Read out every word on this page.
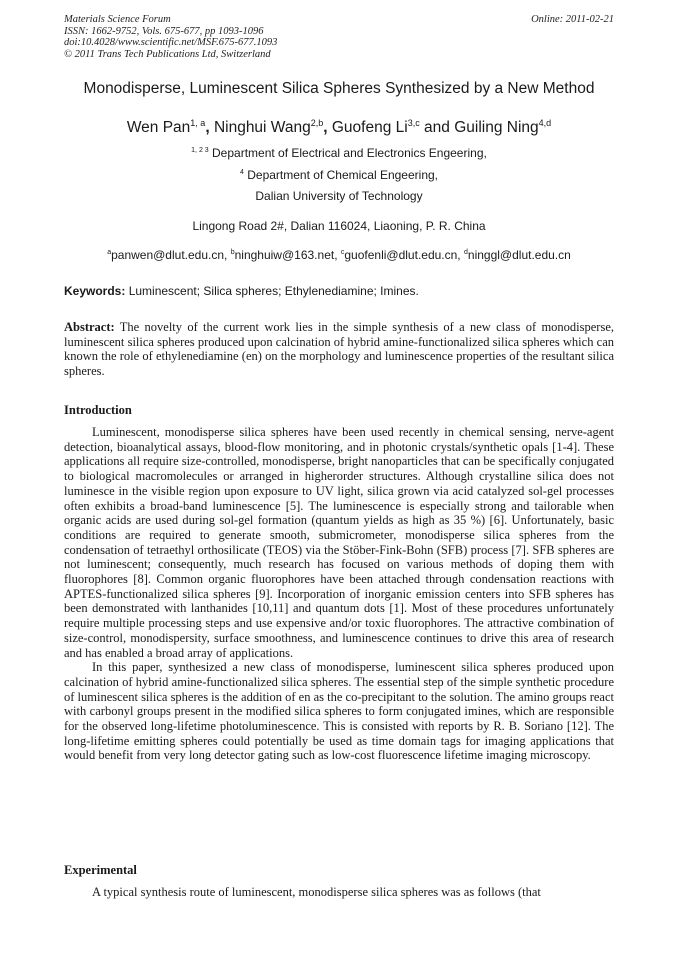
Materials Science Forum
ISSN: 1662-9752, Vols. 675-677, pp 1093-1096
doi:10.4028/www.scientific.net/MSF.675-677.1093
© 2011 Trans Tech Publications Ltd, Switzerland
Online: 2011-02-21
Monodisperse, Luminescent Silica Spheres Synthesized by a New Method
Wen Pan$^{1, a}$, Ninghui Wang$^{2,b}$, Guofeng Li$^{3,c}$ and Guiling Ning$^{4,d}$
$^{1, 2 3}$ Department of Electrical and Electronics Engeering,
$^4$ Department of Chemical Engeering,
Dalian University of Technology
Lingong Road 2#, Dalian 116024, Liaoning, P. R. China
$^a$panwen@dlut.edu.cn, $^b$ninghuiw@163.net, $^c$guofenli@dlut.edu.cn, $^d$ninggl@dlut.edu.cn
Keywords: Luminescent; Silica spheres; Ethylenediamine; Imines.

Abstract: The novelty of the current work lies in the simple synthesis of a new class of monodisperse, luminescent silica spheres produced upon calcination of hybrid amine-functionalized silica spheres which can known the role of ethylenediamine (en) on the morphology and luminescence properties of the resultant silica spheres.

Introduction

Luminescent, monodisperse silica spheres have been used recently in chemical sensing, nerve-agent detection, bioanalytical assays, blood-flow monitoring, and in photonic crystals/synthetic opals [1-4]. These applications all require size-controlled, monodisperse, bright nanoparticles that can be specifically conjugated to biological macromolecules or arranged in higherorder structures. Although crystalline silica does not luminesce in the visible region upon exposure to UV light, silica grown via acid catalyzed sol-gel processes often exhibits a broad-band luminescence [5]. The luminescence is especially strong and tailorable when organic acids are used during sol-gel formation (quantum yields as high as 35 %) [6]. Unfortunately, basic conditions are required to generate smooth, submicrometer, monodisperse silica spheres from the condensation of tetraethyl orthosilicate (TEOS) via the Stöber-Fink-Bohn (SFB) process [7]. SFB spheres are not luminescent; consequently, much research has focused on various methods of doping them with fluorophores [8]. Common organic fluorophores have been attached through condensation reactions with APTES-functionalized silica spheres [9]. Incorporation of inorganic emission centers into SFB spheres has been demonstrated with lanthanides [10,11] and quantum dots [1]. Most of these procedures unfortunately require multiple processing steps and use expensive and/or toxic fluorophores. The attractive combination of size-control, monodispersity, surface smoothness, and luminescence continues to drive this area of research and has enabled a broad array of applications.

In this paper, synthesized a new class of monodisperse, luminescent silica spheres produced upon calcination of hybrid amine-functionalized silica spheres. The essential step of the simple synthetic procedure of luminescent silica spheres is the addition of en as the co-precipitant to the solution. The amino groups react with carbonyl groups present in the modified silica spheres to form conjugated imines, which are responsible for the observed long-lifetime photoluminescence. This is consisted with reports by R. B. Soriano [12]. The long-lifetime emitting spheres could potentially be used as time domain tags for imaging applications that would benefit from very long detector gating such as low-cost fluorescence lifetime imaging microscopy.

Experimental

A typical synthesis route of luminescent, monodisperse silica spheres was as follows (that
